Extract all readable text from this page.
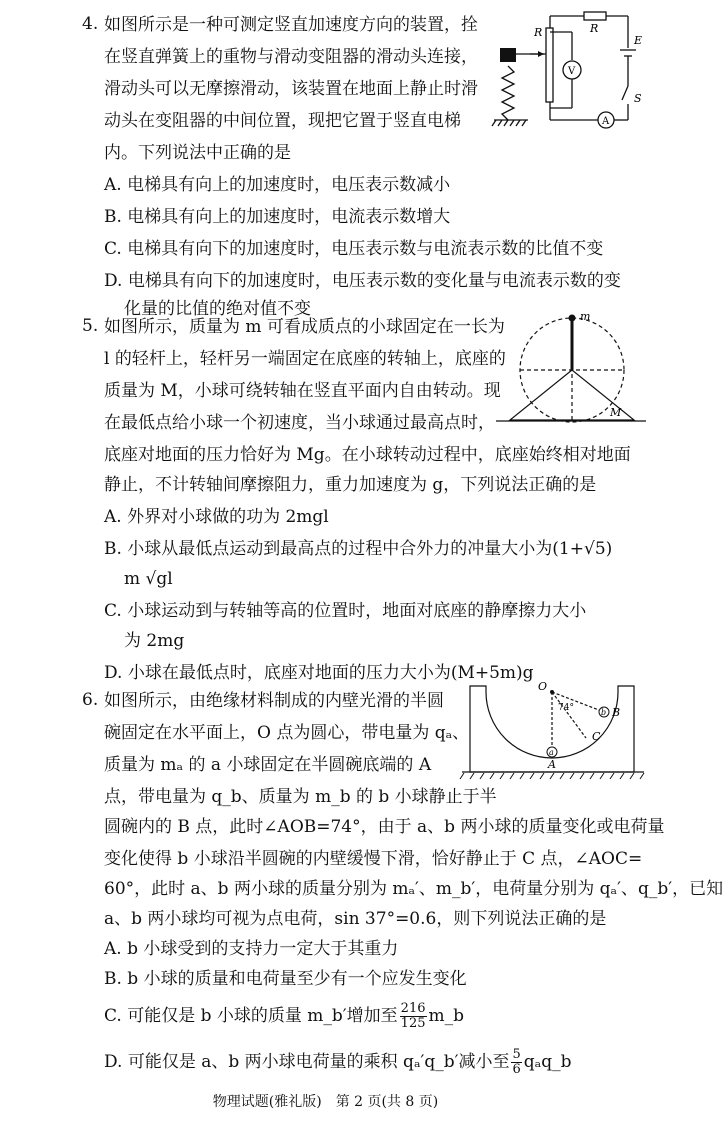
4. 如图所示是一种可测定竖直加速度方向的装置，拴
在竖直弹簧上的重物与滑动变阻器的滑动头连接，
滑动头可以无摩擦滑动，该装置在地面上静止时滑
动头在变阻器的中间位置，现把它置于竖直电梯
内。下列说法中正确的是
A. 电梯具有向上的加速度时，电压表示数减小
B. 电梯具有向上的加速度时，电流表示数增大
C. 电梯具有向下的加速度时，电压表示数与电流表示数的比值不变
D. 电梯具有向下的加速度时，电压表示数的变化量与电流表示数的变
化量的比值的绝对值不变
R	R
E
S
V
A
5. 如图所示，质量为 m 可看成质点的小球固定在一长为
l 的轻杆上，轻杆另一端固定在底座的转轴上，底座的
质量为 M，小球可绕转轴在竖直平面内自由转动。现
在最低点给小球一个初速度，当小球通过最高点时，
底座对地面的压力恰好为 Mg。在小球转动过程中，底座始终相对地面
静止，不计转轴间摩擦阻力，重力加速度为 g，下列说法正确的是
A. 外界对小球做的功为 2mgl
B. 小球从最低点运动到最高点的过程中合外力的冲量大小为(1+√5)
m √gl
C. 小球运动到与转轴等高的位置时，地面对底座的静摩擦力大小
为 2mg
D. 小球在最低点时，底座对地面的压力大小为(M+5m)g
m
M
6. 如图所示，由绝缘材料制成的内壁光滑的半圆
碗固定在水平面上，O 点为圆心，带电量为 qₐ、
质量为 mₐ 的 a 小球固定在半圆碗底端的 A
点，带电量为 q_b、质量为 m_b 的 b 小球静止于半
圆碗内的 B 点，此时∠AOB=74°，由于 a、b 两小球的质量变化或电荷量
变化使得 b 小球沿半圆碗的内壁缓慢下滑，恰好静止于 C 点，∠AOC=
60°，此时 a、b 两小球的质量分别为 mₐ′、m_b′，电荷量分别为 qₐ′、q_b′，已知
a、b 两小球均可视为点电荷，sin 37°=0.6，则下列说法正确的是
A. b 小球受到的支持力一定大于其重力
B. b 小球的质量和电荷量至少有一个应发生变化
C. 可能仅是 b 小球的质量 m_b′增加至 $\frac{216}{125}$ m_b
D. 可能仅是 a、b 两小球电荷量的乘积 qₐ′q_b′减小至 $\frac{5}{6}$ qₐq_b
a
b
O
B
C
A
74°
物理试题(雅礼版)　第 2 页(共 8 页)
